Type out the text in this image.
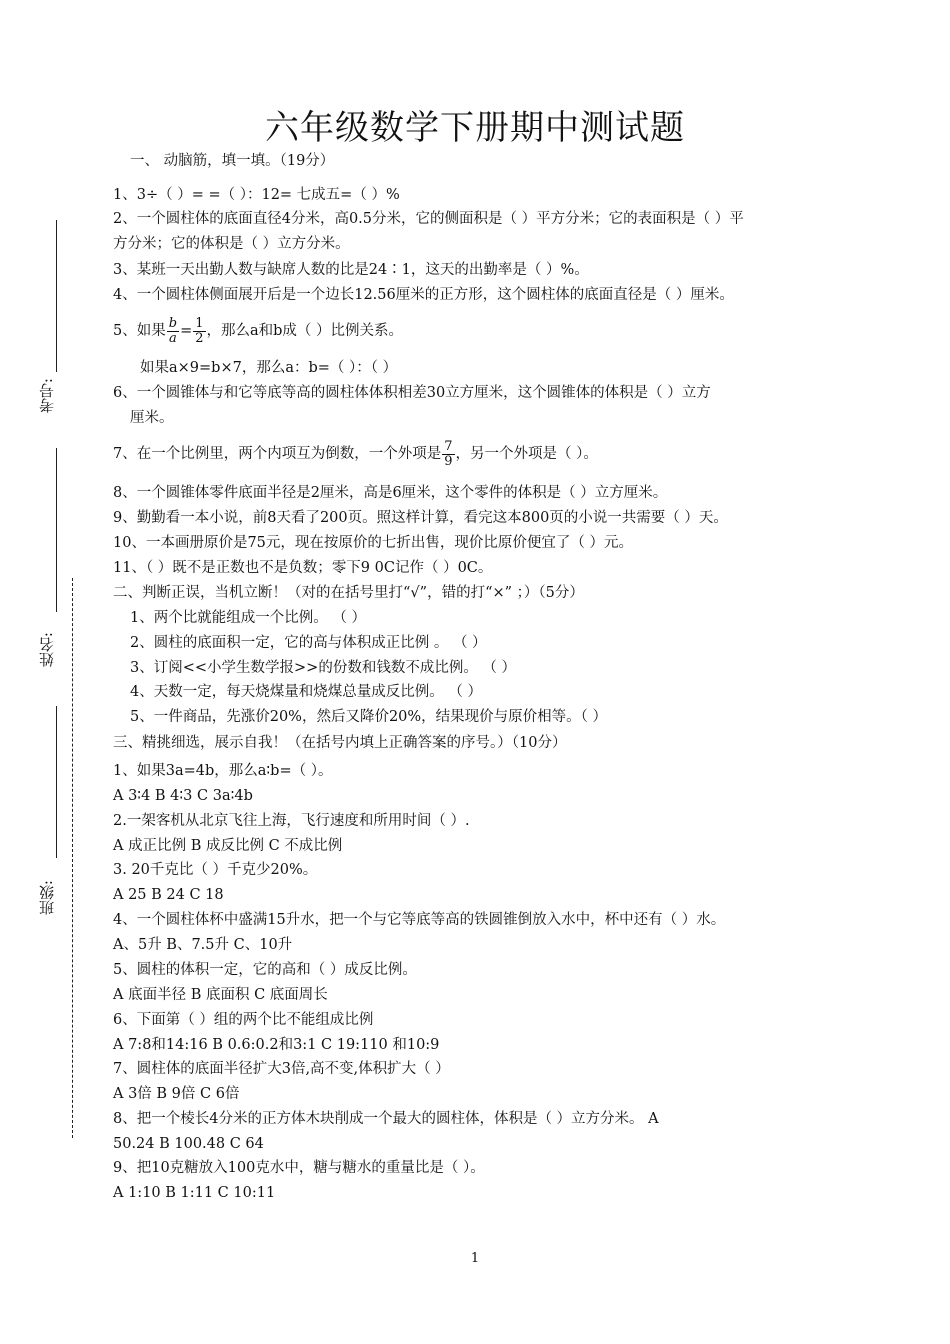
考号:
姓名:
班级:
六年级数学下册期中测试题
一、 动脑筋，填一填。（19分）
1、3÷（ ）= =（ ）：12= 七成五=（ ）%
2、一个圆柱体的底面直径4分米，高0.5分米，它的侧面积是（ ）平方分米；它的表面积是（ ）平
方分米；它的体积是（ ）立方分米。
3、某班一天出勤人数与缺席人数的比是24∶1，这天的出勤率是（ ）%。
4、一个圆柱体侧面展开后是一个边长12.56厘米的正方形，这个圆柱体的底面直径是（ ）厘米。
5、如果 $\frac{b}{a} = \frac{1}{2}$ ，那么a和b成（ ）比例关系。
如果a×9=b×7，那么a：b=（ ）：（ ）
6、一个圆锥体与和它等底等高的圆柱体体积相差30立方厘米，这个圆锥体的体积是（ ）立方
厘米。
7、在一个比例里，两个内项互为倒数，一个外项是 $\frac{7}{9}$ ，另一个外项是（ ）。
8、一个圆锥体零件底面半径是2厘米，高是6厘米，这个零件的体积是（ ）立方厘米。
9、勤勤看一本小说，前8天看了200页。照这样计算，看完这本800页的小说一共需要（ ）天。
10、一本画册原价是75元，现在按原价的七折出售，现价比原价便宜了（ ）元。
11、（ ）既不是正数也不是负数；零下9 0C记作（ ）0C。
二、判断正误，当机立断！（对的在括号里打“√”，错的打“×” ；）（5分）
1、两个比就能组成一个比例。 （ ）
2、圆柱的底面积一定，它的高与体积成正比例 。 （ ）
3、订阅<<小学生数学报>>的份数和钱数不成比例。 （ ）
4、天数一定，每天烧煤量和烧煤总量成反比例。 （ ）
5、一件商品，先涨价20%，然后又降价20%，结果现价与原价相等。（ ）
三、精挑细选，展示自我！（在括号内填上正确答案的序号。）（10分）
1、如果3a=4b，那么a∶b=（ ）。
A 3∶4 B 4∶3 C 3a∶4b
2.一架客机从北京飞往上海，飞行速度和所用时间（ ）.
A 成正比例 B 成反比例 C 不成比例
3. 20千克比（ ）千克少20%。
A 25 B 24 C 18
4、一个圆柱体杯中盛满15升水，把一个与它等底等高的铁圆锥倒放入水中，杯中还有（ ）水。
A、5升 B、7.5升 C、10升
5、圆柱的体积一定，它的高和（ ）成反比例。
A 底面半径 B 底面积 C 底面周长
6、下面第（ ）组的两个比不能组成比例
A 7:8和14:16 B 0.6:0.2和3:1 C 19:110 和10:9
7、圆柱体的底面半径扩大3倍,高不变,体积扩大（ ）
A 3倍 B 9倍 C 6倍
8、把一个棱长4分米的正方体木块削成一个最大的圆柱体，体积是（ ）立方分米。 A
50.24 B 100.48 C 64
9、把10克糖放入100克水中，糖与糖水的重量比是（ ）。
A 1:10 B 1:11 C 10:11
1
